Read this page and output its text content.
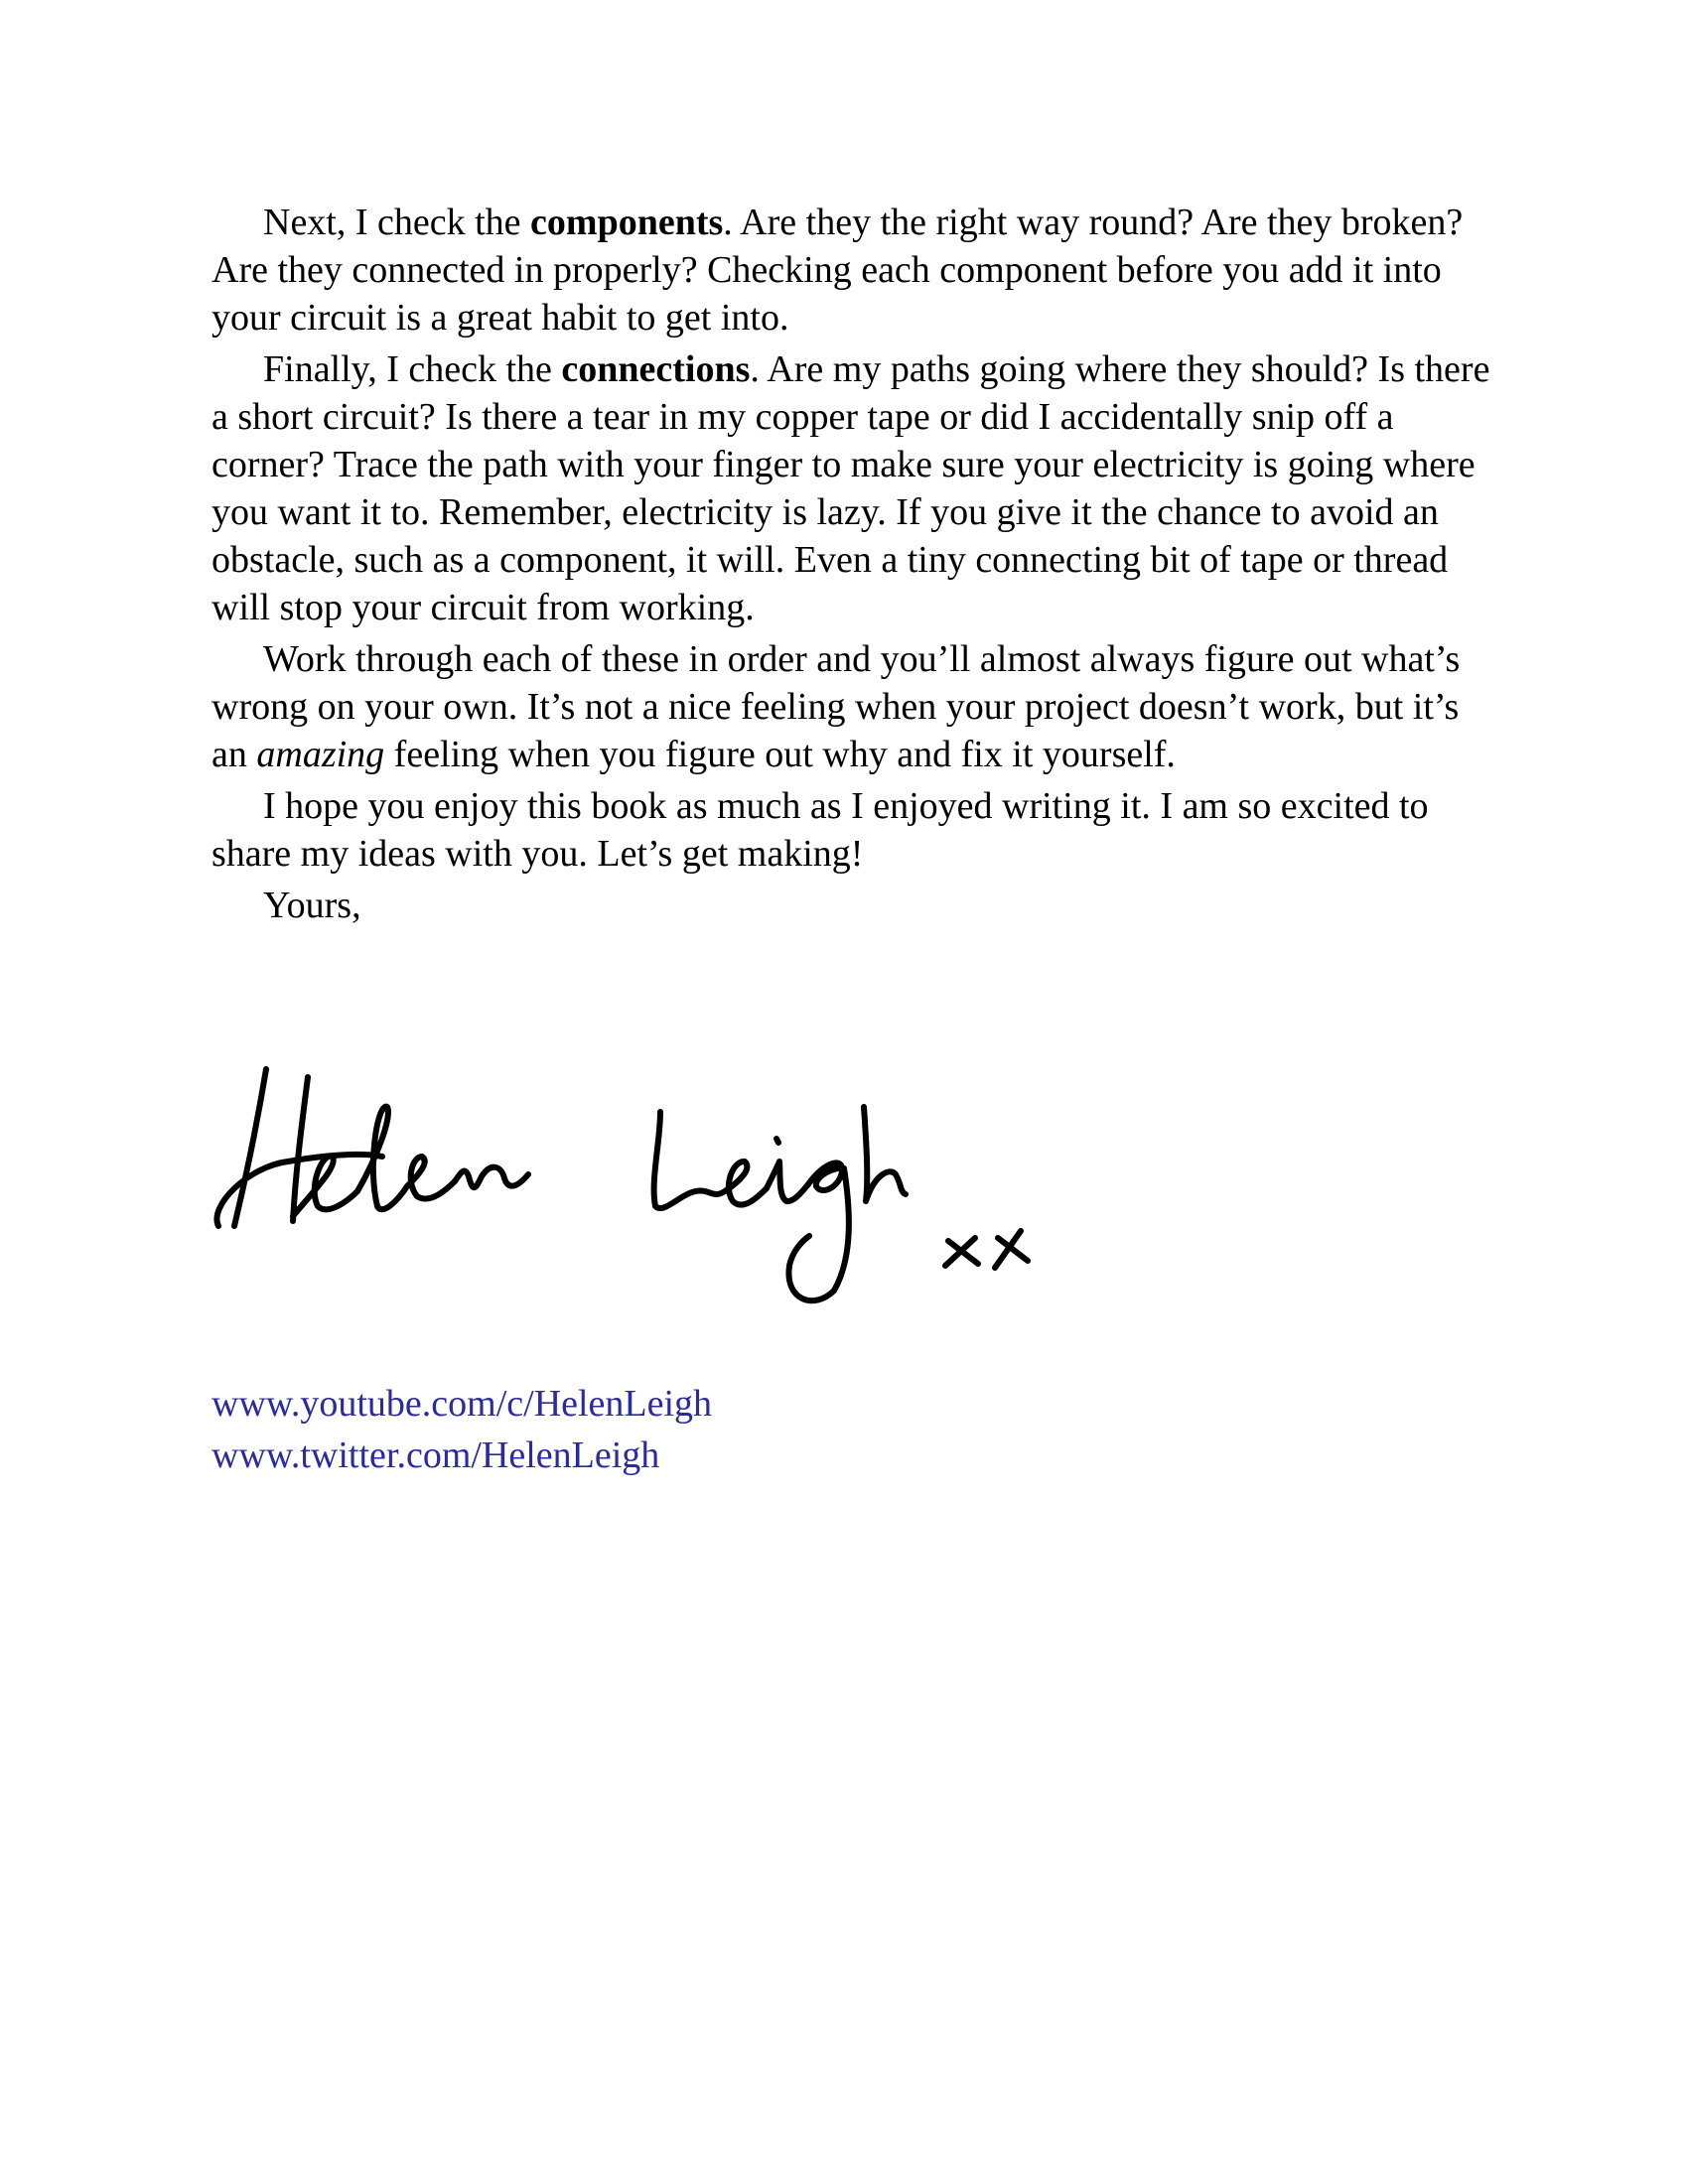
Next, I check the components. Are they the right way round? Are they broken? Are they connected in properly? Checking each component before you add it into your circuit is a great habit to get into.

Finally, I check the connections. Are my paths going where they should? Is there a short circuit? Is there a tear in my copper tape or did I accidentally snip off a corner? Trace the path with your finger to make sure your electricity is going where you want it to. Remember, electricity is lazy. If you give it the chance to avoid an obstacle, such as a component, it will. Even a tiny connecting bit of tape or thread will stop your circuit from working.

Work through each of these in order and you’ll almost always figure out what’s wrong on your own. It’s not a nice feeling when your project doesn’t work, but it’s an amazing feeling when you figure out why and fix it yourself.

I hope you enjoy this book as much as I enjoyed writing it. I am so excited to share my ideas with you. Let’s get making!

Yours,

www.youtube.com/c/HelenLeigh
www.twitter.com/HelenLeigh
